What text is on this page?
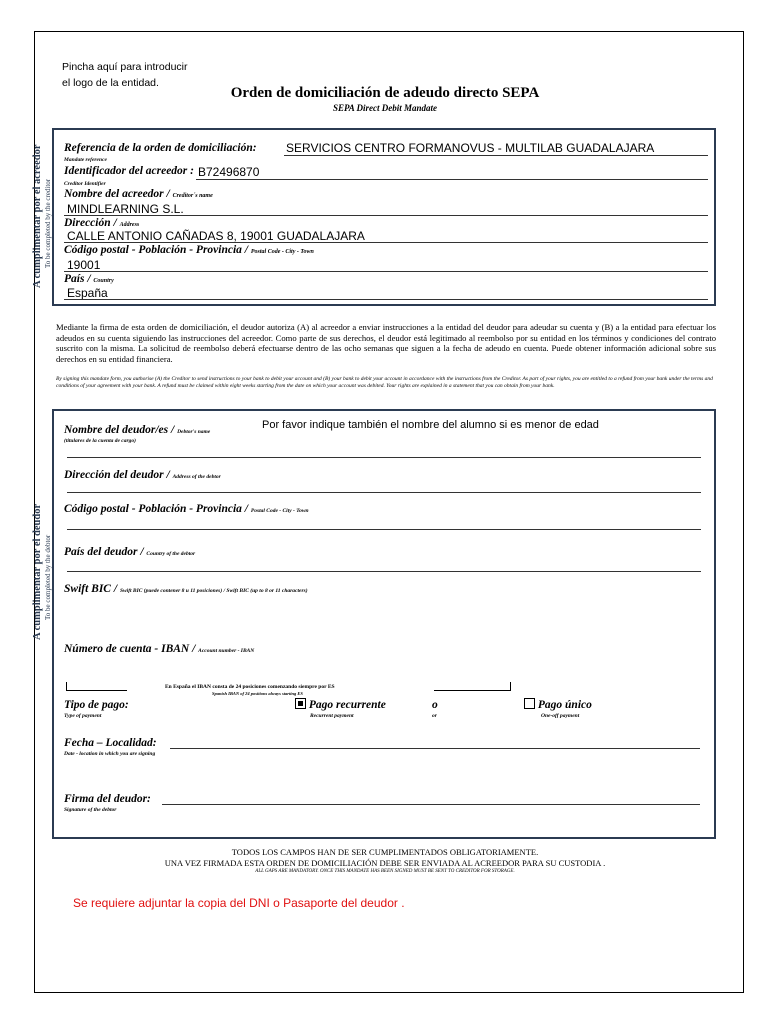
Pincha aquí para introducir
el logo de la entidad.
Orden de domiciliación de adeudo directo SEPA
SEPA Direct Debit Mandate
A cumplimentar por el acreedor To be completed by the creditor
Referencia de la orden de domiciliación: SERVICIOS CENTRO FORMANOVUS - MULTILAB GUADALAJARA
Mandate reference
Identificador del acreedor : B72496870
Creditor Identifier
Nombre del acreedor / Creditor´s name
MINDLEARNING S.L.
Dirección / Address
CALLE ANTONIO CAÑADAS 8, 19001 GUADALAJARA
Código postal - Población - Provincia / Postal Code - City - Town
19001
País / Country
España
Mediante la firma de esta orden de domiciliación, el deudor autoriza (A) al acreedor a enviar instrucciones a la entidad del deudor para adeudar su cuenta y (B) a la entidad para efectuar los adeudos en su cuenta siguiendo las instrucciones del acreedor. Como parte de sus derechos, el deudor está legitimado al reembolso por su entidad en los términos y condiciones del contrato suscrito con la misma. La solicitud de reembolso deberá efectuarse dentro de las ocho semanas que siguen a la fecha de adeudo en cuenta. Puede obtener información adicional sobre sus derechos en su entidad financiera.
By signing this mandate form, you authorise (A) the Creditor to send instructions to your bank to debit your account and (B) your bank to debit your account in accordance with the instructions from the Creditor. As part of your rights, you are entitled to a refund from your bank under the terms and conditions of your agreement with your bank. A refund must be claimed within eight weeks starting from the date on which your account was debited. Your rights are explained in a statement that you can obtain from your bank.
A cumplimentar por el deudor To be completed by the debtor
Nombre del deudor/es / Debtor's name
Por favor indique también el nombre del alumno si es menor de edad
(titulares de la cuenta de cargo)
Dirección del deudor / Address of the debtor
Código postal - Población - Provincia / Postal Code - City - Town
País del deudor / Country of the debtor
Swift BIC / Swift BIC (puede contener 8 u 11 posiciones) / Swift BIC (up to 8 or 11 characters)
Número de cuenta - IBAN / Account number - IBAN
En España el IBAN consta de 24 posiciones comenzando siempre por ES
Spanish IBAN of 24 positions always starting ES
Tipo de pago:
Type of payment
Pago recurrente
Recurrent payment
o
or
Pago único
One-off payment
Fecha – Localidad:
Date - location in which you are signing
Firma del deudor:
Signature of the debtor
TODOS LOS CAMPOS HAN DE SER CUMPLIMENTADOS OBLIGATORIAMENTE.
UNA VEZ FIRMADA ESTA ORDEN DE DOMICILIACIÓN DEBE SER ENVIADA AL ACREEDOR PARA SU CUSTODIA .
ALL GAPS ARE MANDATORY. ONCE THIS MANDATE HAS BEEN SIGNED MUST BE SENT TO CREDITOR FOR STORAGE.
Se requiere adjuntar la copia del DNI o Pasaporte del deudor .
